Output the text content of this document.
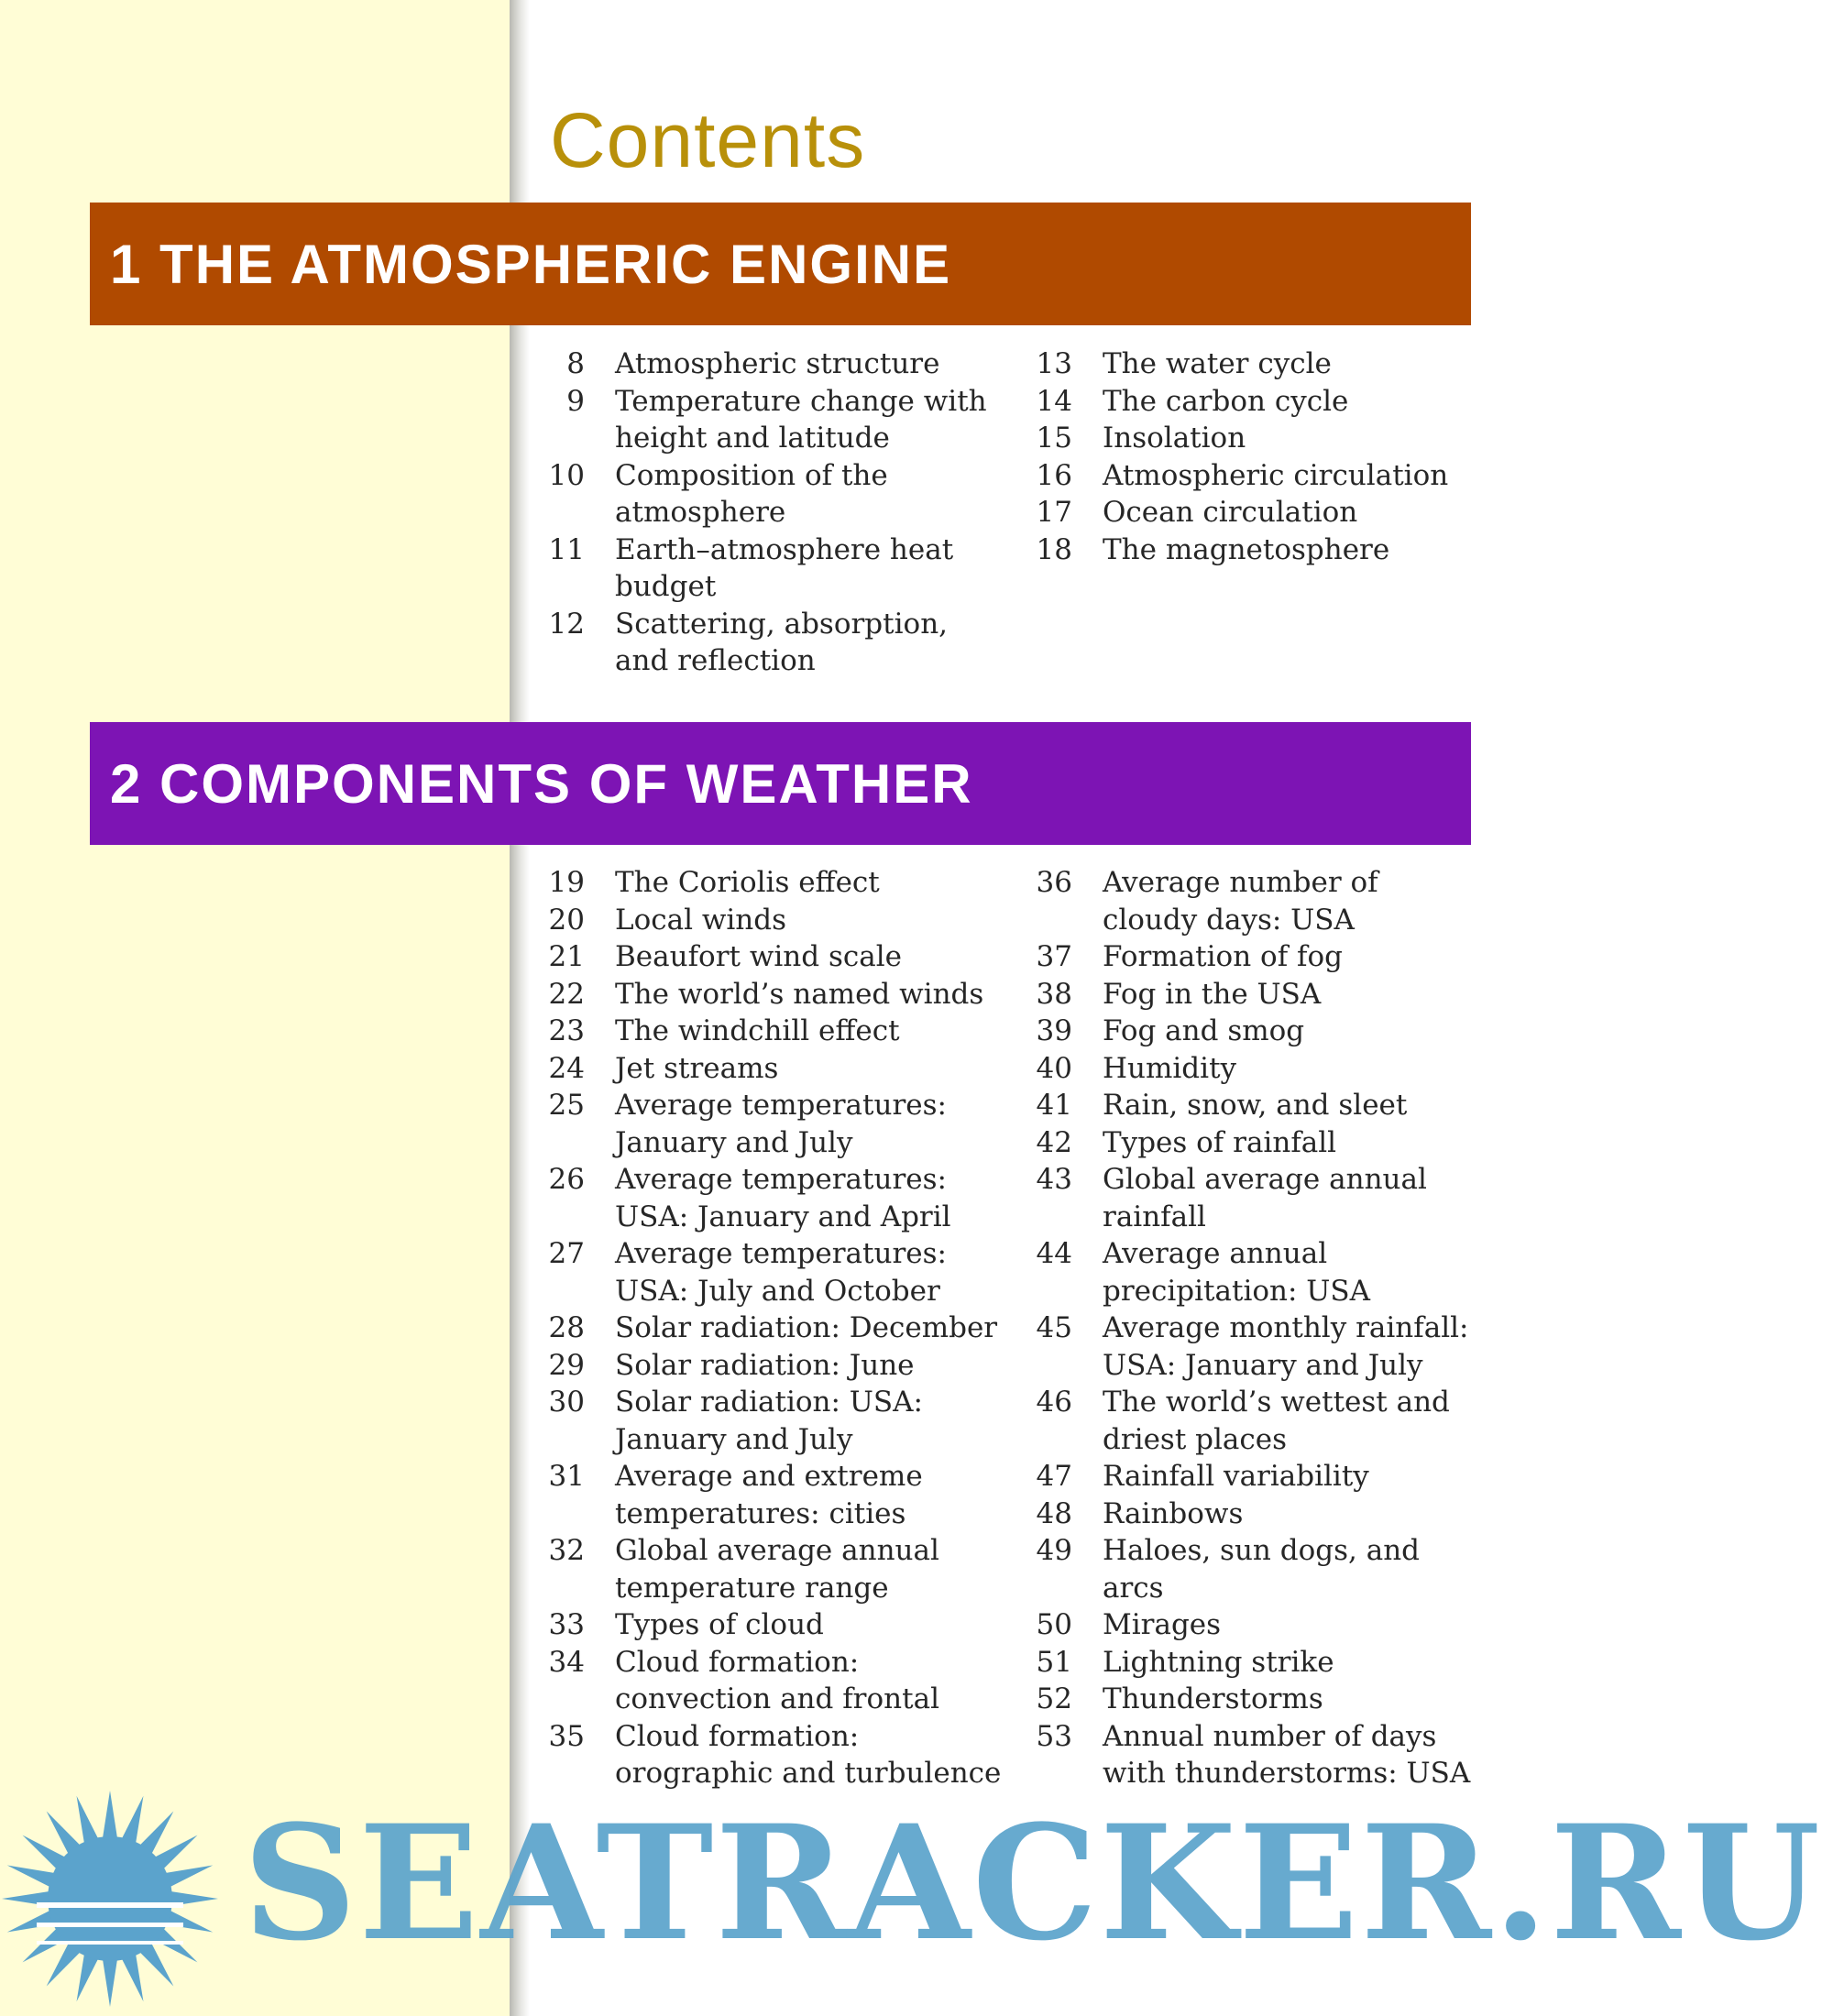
Contents
1 THE ATMOSPHERIC ENGINE
8 Atmospheric structure
9 Temperature change with height and latitude
10 Composition of the atmosphere
11 Earth–atmosphere heat budget
12 Scattering, absorption, and reflection
13 The water cycle
14 The carbon cycle
15 Insolation
16 Atmospheric circulation
17 Ocean circulation
18 The magnetosphere
2 COMPONENTS OF WEATHER
19 The Coriolis effect
20 Local winds
21 Beaufort wind scale
22 The world’s named winds
23 The windchill effect
24 Jet streams
25 Average temperatures: January and July
26 Average temperatures: USA: January and April
27 Average temperatures: USA: July and October
28 Solar radiation: December
29 Solar radiation: June
30 Solar radiation: USA: January and July
31 Average and extreme temperatures: cities
32 Global average annual temperature range
33 Types of cloud
34 Cloud formation: convection and frontal
35 Cloud formation: orographic and turbulence
36 Average number of cloudy days: USA
37 Formation of fog
38 Fog in the USA
39 Fog and smog
40 Humidity
41 Rain, snow, and sleet
42 Types of rainfall
43 Global average annual rainfall
44 Average annual precipitation: USA
45 Average monthly rainfall: USA: January and July
46 The world’s wettest and driest places
47 Rainfall variability
48 Rainbows
49 Haloes, sun dogs, and arcs
50 Mirages
51 Lightning strike
52 Thunderstorms
53 Annual number of days with thunderstorms: USA
SEATRACKER.RU
